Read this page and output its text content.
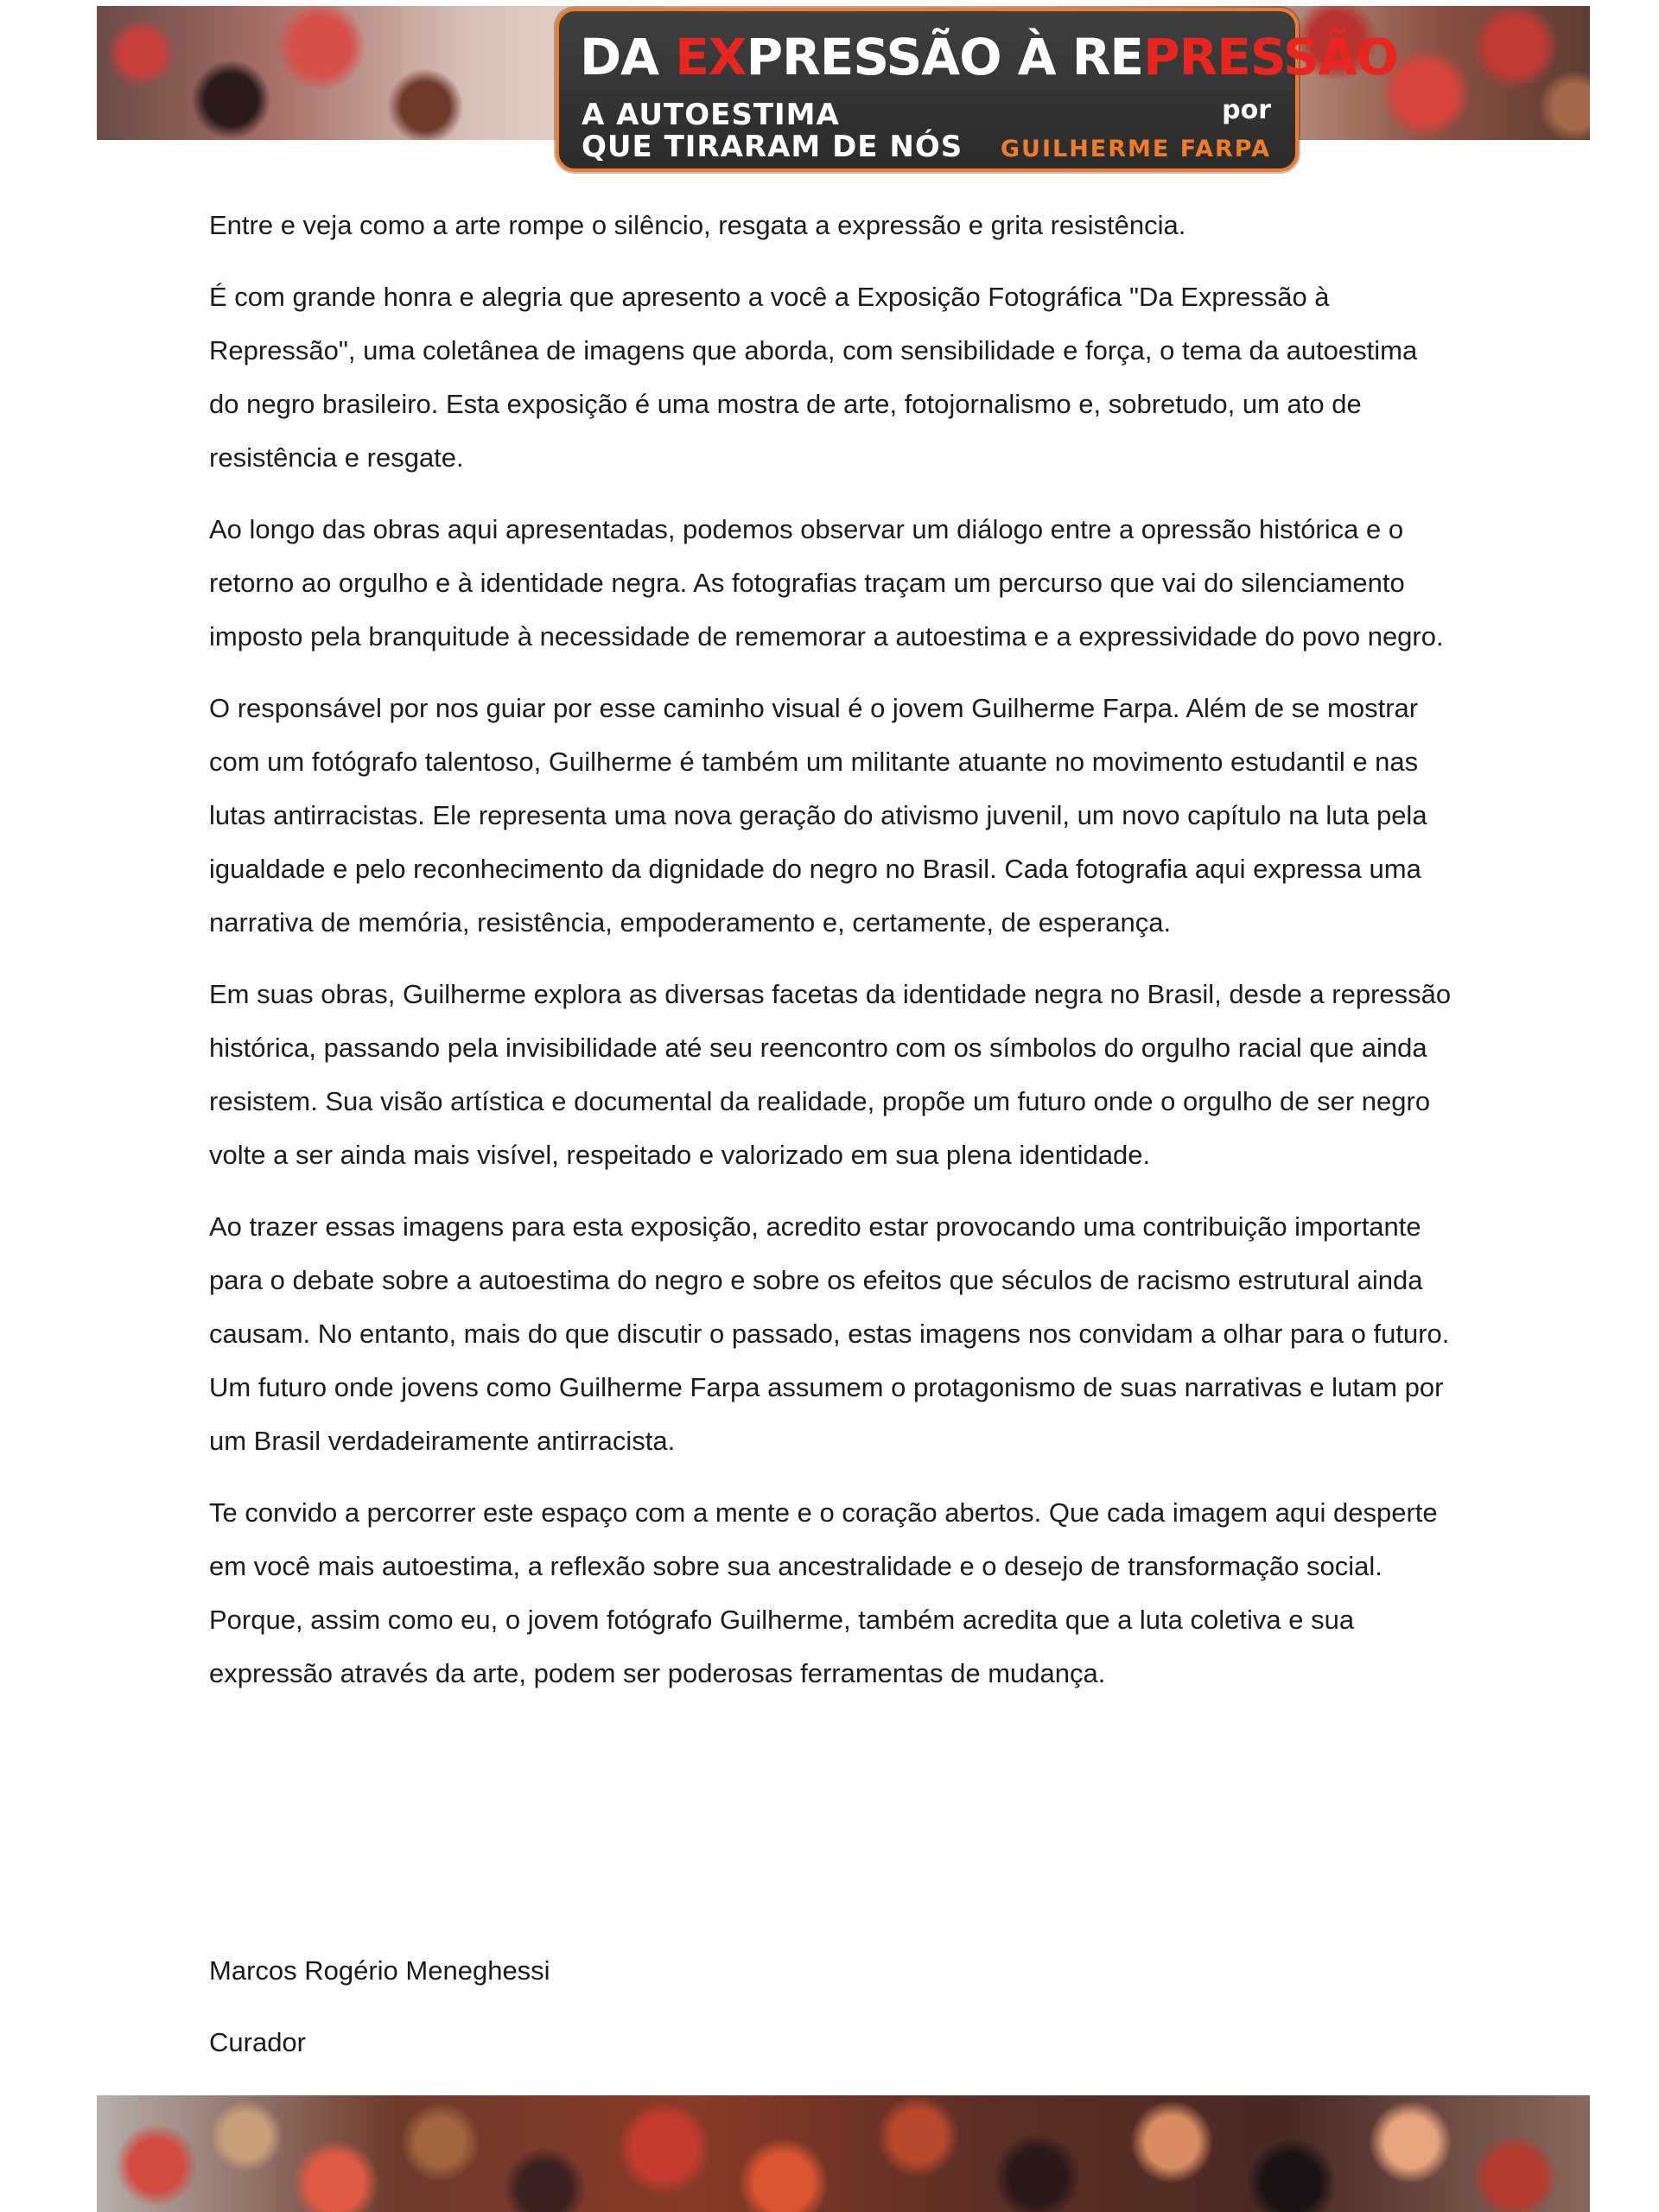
DA EXPRESSÃO À REPRESSÃO
A AUTOESTIMA
QUE TIRARAM DE NÓS
por
GUILHERME FARPA

Entre e veja como a arte rompe o silêncio, resgata a expressão e grita resistência.

É com grande honra e alegria que apresento a você a Exposição Fotográfica "Da Expressão à Repressão", uma coletânea de imagens que aborda, com sensibilidade e força, o tema da autoestima do negro brasileiro. Esta exposição é uma mostra de arte, fotojornalismo e, sobretudo, um ato de resistência e resgate.

Ao longo das obras aqui apresentadas, podemos observar um diálogo entre a opressão histórica e o retorno ao orgulho e à identidade negra. As fotografias traçam um percurso que vai do silenciamento imposto pela branquitude à necessidade de rememorar a autoestima e a expressividade do povo negro.

O responsável por nos guiar por esse caminho visual é o jovem Guilherme Farpa. Além de se mostrar com um fotógrafo talentoso, Guilherme é também um militante atuante no movimento estudantil e nas lutas antirracistas. Ele representa uma nova geração do ativismo juvenil, um novo capítulo na luta pela igualdade e pelo reconhecimento da dignidade do negro no Brasil. Cada fotografia aqui expressa uma narrativa de memória, resistência, empoderamento e, certamente, de esperança.

Em suas obras, Guilherme explora as diversas facetas da identidade negra no Brasil, desde a repressão histórica, passando pela invisibilidade até seu reencontro com os símbolos do orgulho racial que ainda resistem. Sua visão artística e documental da realidade, propõe um futuro onde o orgulho de ser negro volte a ser ainda mais visível, respeitado e valorizado em sua plena identidade.

Ao trazer essas imagens para esta exposição, acredito estar provocando uma contribuição importante para o debate sobre a autoestima do negro e sobre os efeitos que séculos de racismo estrutural ainda causam. No entanto, mais do que discutir o passado, estas imagens nos convidam a olhar para o futuro. Um futuro onde jovens como Guilherme Farpa assumem o protagonismo de suas narrativas e lutam por um Brasil verdadeiramente antirracista.

Te convido a percorrer este espaço com a mente e o coração abertos. Que cada imagem aqui desperte em você mais autoestima, a reflexão sobre sua ancestralidade e o desejo de transformação social. Porque, assim como eu, o jovem fotógrafo Guilherme, também acredita que a luta coletiva e sua expressão através da arte, podem ser poderosas ferramentas de mudança.

Marcos Rogério Meneghessi
Curador
